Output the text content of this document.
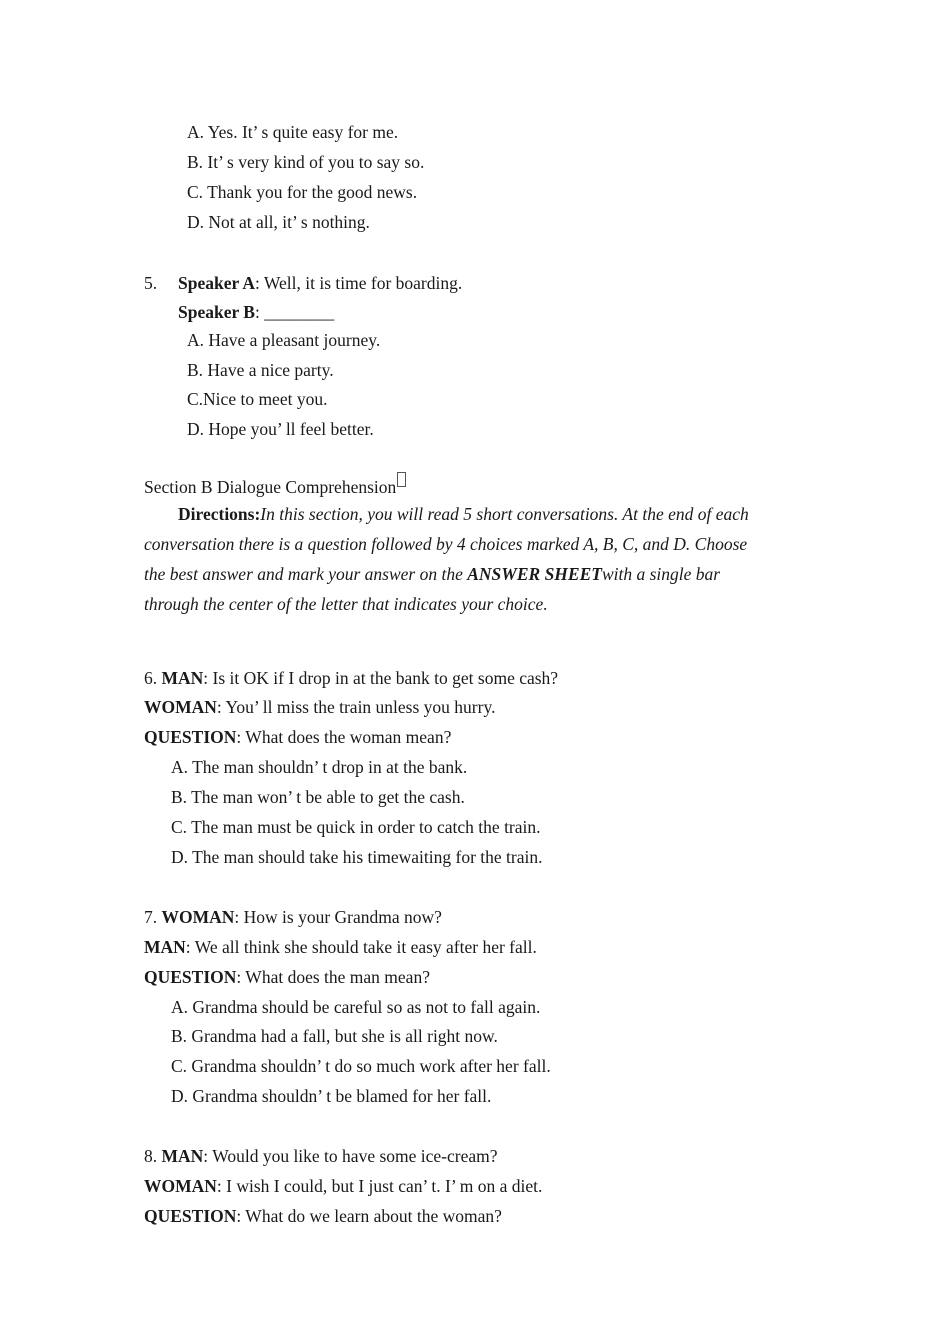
A. Yes. It’ s quite easy for me.
B. It’ s very kind of you to say so.
C. Thank you for the good news.
D. Not at all, it’ s nothing.
5. Speaker A: Well, it is time for boarding.
Speaker B: ________
A. Have a pleasant journey.
B. Have a nice party.
C.Nice to meet you.
D. Hope you’ ll feel better.
Section B Dialogue Comprehension
Directions:In this section, you will read 5 short conversations. At the end of each
conversation there is a question followed by 4 choices marked A, B, C, and D. Choose
the best answer and mark your answer on the ANSWER SHEETwith a single bar
through the center of the letter that indicates your choice.
6. MAN: Is it OK if I drop in at the bank to get some cash?
WOMAN: You’ ll miss the train unless you hurry.
QUESTION: What does the woman mean?
A. The man shouldn’ t drop in at the bank.
B. The man won’ t be able to get the cash.
C. The man must be quick in order to catch the train.
D. The man should take his timewaiting for the train.
7. WOMAN: How is your Grandma now?
MAN: We all think she should take it easy after her fall.
QUESTION: What does the man mean?
A. Grandma should be careful so as not to fall again.
B. Grandma had a fall, but she is all right now.
C. Grandma shouldn’ t do so much work after her fall.
D. Grandma shouldn’ t be blamed for her fall.
8. MAN: Would you like to have some ice-cream?
WOMAN: I wish I could, but I just can’ t. I’ m on a diet.
QUESTION: What do we learn about the woman?
